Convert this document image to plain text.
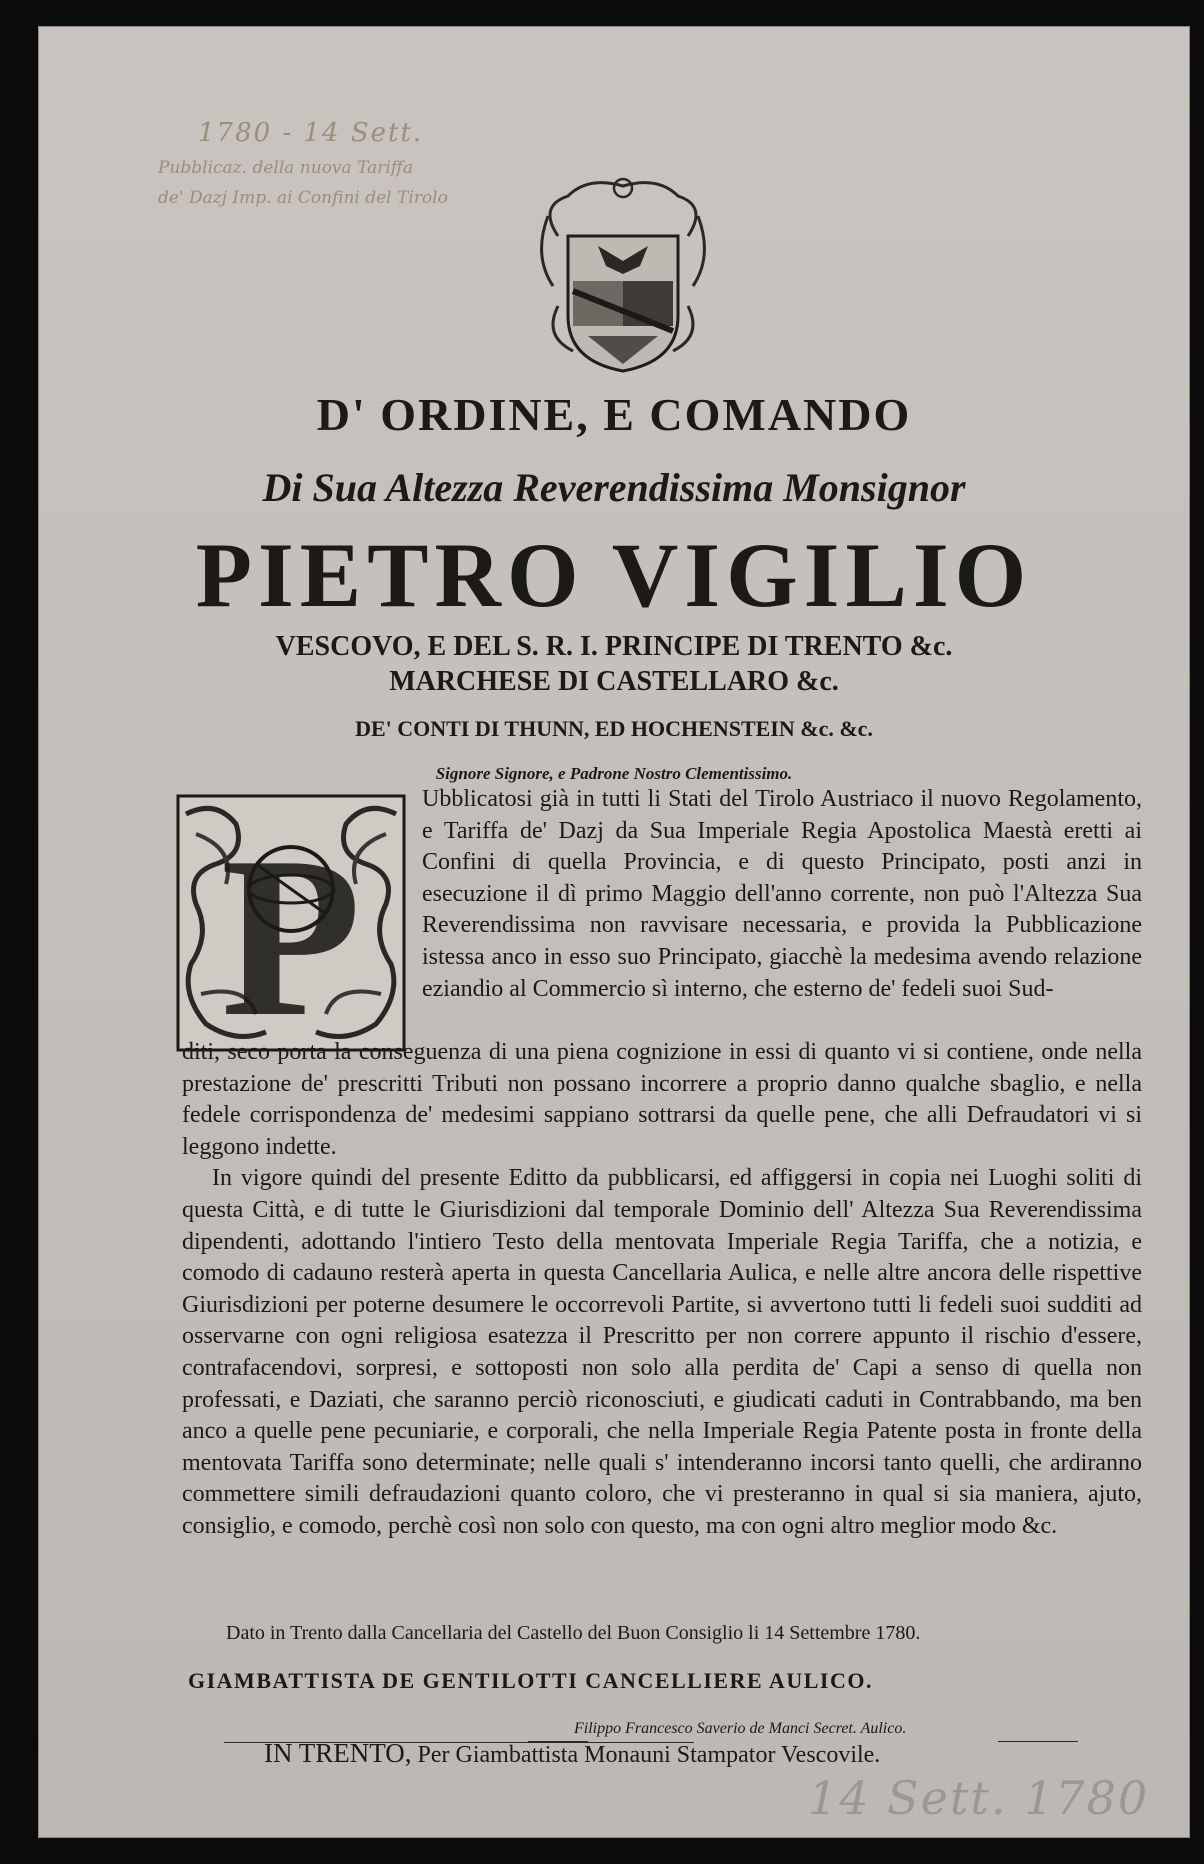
1780 - 14 Sett.
Pubblicaz. della nuova Tariffa
de' Dazj Imp. ai Confini del Tirolo
D' ORDINE, E COMANDO
Di Sua Altezza Reverendissima Monsignor
PIETRO VIGILIO
VESCOVO, E DEL S. R. I. PRINCIPE DI TRENTO &c.
MARCHESE DI CASTELLARO &c.
DE' CONTI DI THUNN, ED HOCHENSTEIN &c. &c.
Signore Signore, e Padrone Nostro Clementissimo.
P
Ubblicatosi già in tutti li Stati del Tirolo Austriaco il nuovo Regolamento, e Tariffa de' Dazj da Sua Imperiale Regia Apostolica Maestà eretti ai Confini di quella Provincia, e di questo Principato, posti anzi in esecuzione il dì primo Maggio dell'anno corrente, non può l'Altezza Sua Reverendissima non ravvisare necessaria, e provida la Pubblicazione istessa anco in esso suo Principato, giacchè la medesima avendo relazione eziandio al Commercio sì interno, che esterno de' fedeli suoi Sud-

diti, seco porta la conseguenza di una piena cognizione in essi di quanto vi si contiene, onde nella prestazione de' prescritti Tributi non possano incorrere a proprio danno qualche sbaglio, e nella fedele corrispondenza de' medesimi sappiano sottrarsi da quelle pene, che alli Defraudatori vi si leggono indette.

In vigore quindi del presente Editto da pubblicarsi, ed affiggersi in copia nei Luoghi soliti di questa Città, e di tutte le Giurisdizioni dal temporale Dominio dell' Altezza Sua Reverendissima dipendenti, adottando l'intiero Testo della mentovata Imperiale Regia Tariffa, che a notizia, e comodo di cadauno resterà aperta in questa Cancellaria Aulica, e nelle altre ancora delle rispettive Giurisdizioni per poterne desumere le occorrevoli Partite, si avvertono tutti li fedeli suoi sudditi ad osservarne con ogni religiosa esatezza il Prescritto per non correre appunto il rischio d'essere, contrafacendovi, sorpresi, e sottoposti non solo alla perdita de' Capi a senso di quella non professati, e Daziati, che saranno perciò riconosciuti, e giudicati caduti in Contrabbando, ma ben anco a quelle pene pecuniarie, e corporali, che nella Imperiale Regia Patente posta in fronte della mentovata Tariffa sono determinate; nelle quali s' intenderanno incorsi tanto quelli, che ardiranno commettere simili defraudazioni quanto coloro, che vi presteranno in qual si sia maniera, ajuto, consiglio, e comodo, perchè così non solo con questo, ma con ogni altro meglior modo &c.

Dato in Trento dalla Cancellaria del Castello del Buon Consiglio li 14 Settembre 1780.
GIAMBATTISTA DE GENTILOTTI CANCELLIERE AULICO.
Filippo Francesco Saverio de Manci Secret. Aulico.
IN TRENTO, Per Giambattista Monauni Stampator Vescovile.
14 Sett. 1780
